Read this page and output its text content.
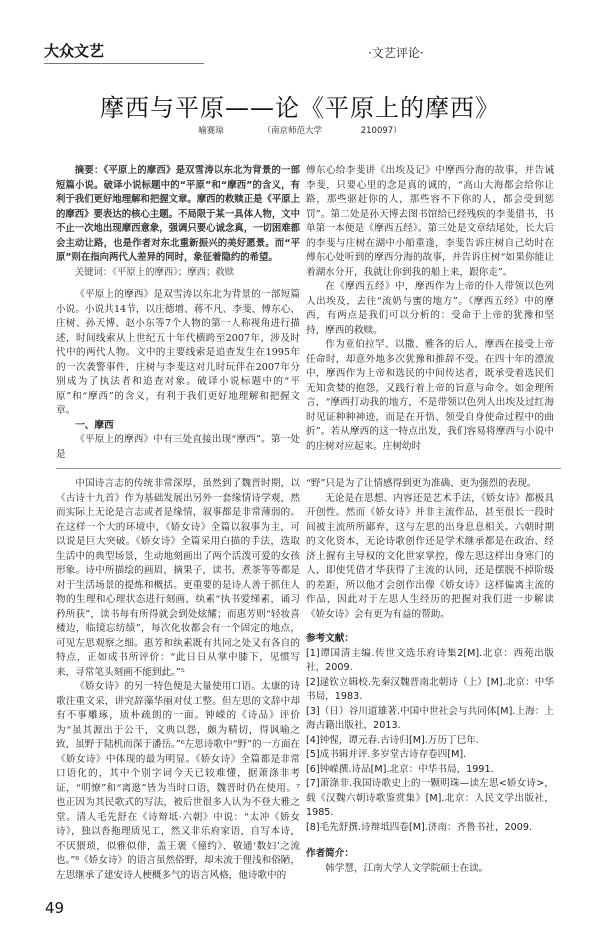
大众文艺	·文艺评论·
摩西与平原——论《平原上的摩西》
喻赛琼	（南京师范大学	210097）

摘要：《平原上的摩西》是双雪涛以东北为背景的一部短篇小说。破译小说标题中的“平原”和“摩西”的含义，有利于我们更好地理解和把握文章。摩西的救赎正是《平原上的摩西》要表达的核心主题。不局限于某一具体人物，文中不止一次地出现摩西意象，强调只要心诚念真，一切困难都会主动让路，也是作者对东北重新振兴的美好愿景。而“平原”则在指向两代人差异的同时，象征着隐约的希望。

关键词：《平原上的摩西》；摩西；救赎

《平原上的摩西》是双雪涛以东北为背景的一部短篇小说。小说共14节，以庄德增、蒋不凡、李斐、傅东心、庄树、孙天博、赵小东等7个人物的第一人称视角进行描述，时间线索从上世纪五十年代横跨至2007年，涉及时代中的两代人物。文中的主要线索是追查发生在1995年的一次袭警事件，庄树与李斐这对儿时玩伴在2007年分别成为了执法者和追查对象。破译小说标题中的“平原”和“摩西”的含义，有利于我们更好地理解和把握文章。

一、摩西

《平原上的摩西》中有三处直接出现“摩西”。第一处是

傅东心给李斐讲《出埃及记》中摩西分海的故事，并告诫李斐，只要心里的念是真的诚的，“高山大海都会给你让路，那些驱赶你的人，那些容不下你的人，都会受到惩罚”。第二处是孙天博去图书馆给已经残疾的李斐借书，书单第一本便是《摩西五经》。第三处是文章结尾处，长大后的李斐与庄树在湖中小船重逢，李斐告诉庄树自己幼时在傅东心处听到的摩西分海的故事，并告诉庄树“如果你能让着湖水分开，我就让你到我的船上来，跟你走”。

在《摩西五经》中，摩西作为上帝的仆人带领以色列人出埃及，去往“流奶与蜜的地方”。《摩西五经》中的摩西，有两点是我们可以分析的：受命于上帝的犹豫和坚持，摩西的救赎。

作为亚伯拉罕、以撒、雅各的后人，摩西在接受上帝任命时，却意外地多次犹豫和推辞不受。在四十年的漂流中，摩西作为上帝和选民的中间传达者，既承受着选民们无知贪婪的抱怨，又践行着上帝的旨意与命令。如金理所言，“摩西打动我的地方，不是带领以色列人出埃及过红海时见证种种神迹，而是在开悟、领受自身使命过程中的曲折”。若从摩西的这一特点出发，我们容易将摩西与小说中的庄树对应起来。庄树幼时

中国诗言志的传统非常深厚，虽然到了魏晋时期，以《古诗十九首》作为基础发展出另外一套缘情诗学观，然而实际上无论是言志或者是缘情，叙事都是非常薄弱的。在这样一个大的环境中，《娇女诗》全篇以叙事为主，可以说是巨大突破。《娇女诗》全篇采用白描的手法，选取生活中的典型场景，生动地刻画出了两个活泼可爱的女孩形象。诗中所描绘的画眉，摘果子，读书，煮茶等等都是对于生活场景的提炼和概括。更重要的是诗人善于抓住人物的生理和心理状态进行刻画，纨素“执书爱绨素，诵习矜所获”，读书每有所得就会到处炫耀；而惠芳则“轻妆喜楼边，临镜忘纺绩”，每次化妆都会有一个固定的地点，可见左思观察之细。惠芳和纨素既有共同之处又有各自的特点，正如成书所评价：“此日日从掌中膝下，见惯写来，寻常笔头刻画不能到此。”⁵

《娇女诗》的另一特色便是大量使用口语。太康的诗歌注重文采，讲究辞藻华丽对仗工整。但左思的文辞中却有不事雕琢，质朴疏朗的一面。钟嵘的《诗品》评价为“虽其源出于公干，文典以怨，颇为精切，得讽喻之致，虽野于陆机而深于潘岳。”⁶左思诗歌中“野”的一方面在《娇女诗》中体现的最为明显。《娇女诗》全篇都是非常口语化的，其中个别字词今天已较难懂，据萧涤非考证，“明憭”和“离逖”皆为当时口语，魏晋时仍在使用。⁷也正因为其民歌式的写法，被后世很多人认为不登大雅之堂。清人毛先舒在《诗辩坻·六朝》中说：“太冲《娇女诗》，独以沓拖理质见工，然又非乐府家语，自写本诗，不厌猥琐，似雅似俳，盖王褒《僮约》、敬通‘数妇’之流也。”⁸《娇女诗》的语言虽然俗野，却未流于俚浅和俗陋，左思继承了建安诗人梗概多气的语言风格，他诗歌中的

“野”只是为了让情感得到更为准确、更为强烈的表现。

无论是在思想、内容还是艺术手法，《娇女诗》都极具开创性。然而《娇女诗》并非主流作品，甚至很长一段时间被主流所所鄙弃，这与左思的出身息息相关。六朝时期的文化资本，无论诗歌创作还是学术继承都是在政治、经济上握有主导权的文化世家掌控，像左思这样出身寒门的人，即使凭借才华获得了主流的认同，还是摆脱不掉阶级的差距，所以他才会创作出像《娇女诗》这样偏离主流的作品，因此对于左思人生经历的把握对我们进一步解读《娇女诗》会有更为有益的帮助。

参考文献：
[1]谭国清主编.传世文选乐府诗集2[M].北京：西苑出版社，2009.
[2]逯钦立辑校.先秦汉魏晋南北朝诗（上）[M].北京：中华书局，1983.
[3]（日）谷川道雄著.中国中世社会与共同体[M].上海：上海古籍出版社，2013.
[4]钟惺，谭元春.古诗归[M].万历丁巳年.
[5]成书辑并评.多岁堂古诗存卷四[M].
[6]钟嵘撰.诗品[M].北京：中华书局，1991.
[7]萧涤非.我国诗歌史上的一颗明珠—读左思<娇女诗>，载《汉魏六朝诗歌鉴赏集》[M].北京：人民文学出版社，1985.
[8]毛先舒撰.诗辩坻四卷[M].济南：齐鲁书社，2009.
作者简介：
韩学慧，江南大学人文学院硕士在读。
49
